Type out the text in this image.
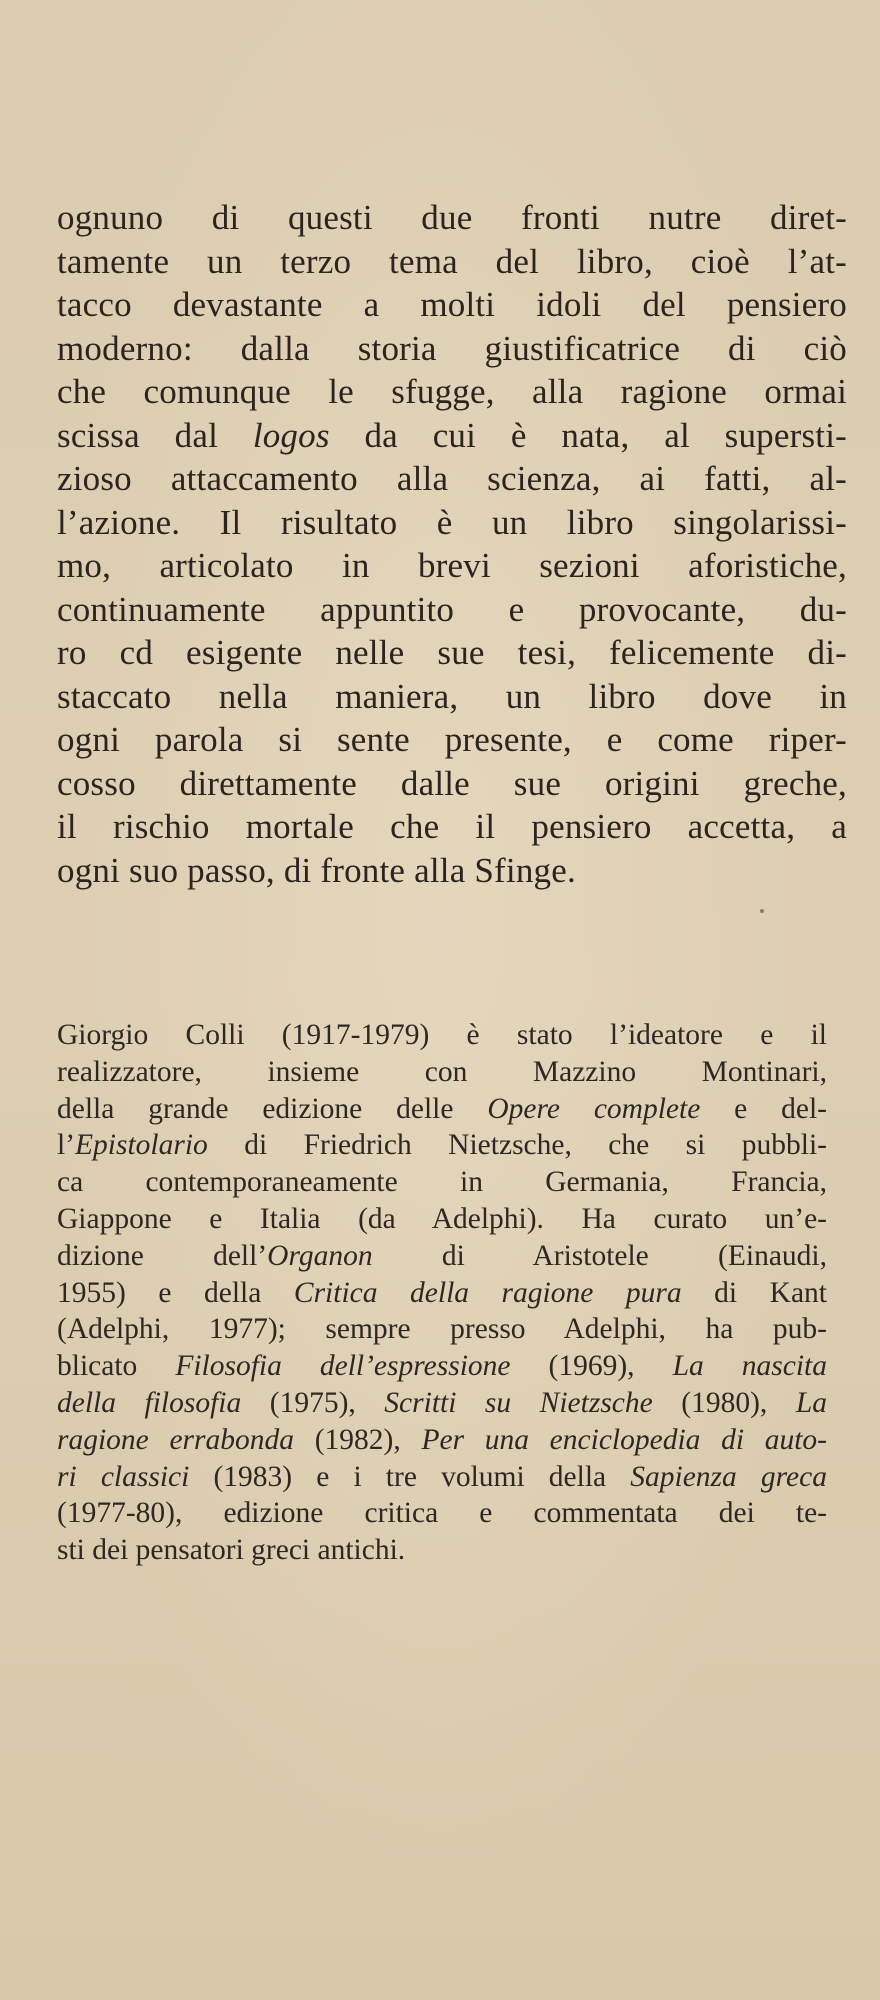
ognuno di questi due fronti nutre diret-
tamente un terzo tema del libro, cioè l’at-
tacco devastante a molti idoli del pensiero
moderno: dalla storia giustificatrice di ciò
che comunque le sfugge, alla ragione ormai
scissa dal logos da cui è nata, al supersti-
zioso attaccamento alla scienza, ai fatti, al-
l’azione. Il risultato è un libro singolarissi-
mo, articolato in brevi sezioni aforistiche,
continuamente appuntito e provocante, du-
ro cd esigente nelle sue tesi, felicemente di-
staccato nella maniera, un libro dove in
ogni parola si sente presente, e come riper-
cosso direttamente dalle sue origini greche,
il rischio mortale che il pensiero accetta, a
ogni suo passo, di fronte alla Sfinge.
Giorgio Colli (1917-1979) è stato l’ideatore e il
realizzatore, insieme con Mazzino Montinari,
della grande edizione delle Opere complete e del-
l’Epistolario di Friedrich Nietzsche, che si pubbli-
ca contemporaneamente in Germania, Francia,
Giappone e Italia (da Adelphi). Ha curato un’e-
dizione dell’Organon di Aristotele (Einaudi,
1955) e della Critica della ragione pura di Kant
(Adelphi, 1977); sempre presso Adelphi, ha pub-
blicato Filosofia dell’espressione (1969), La nascita
della filosofia (1975), Scritti su Nietzsche (1980), La
ragione errabonda (1982), Per una enciclopedia di auto-
ri classici (1983) e i tre volumi della Sapienza greca
(1977-80), edizione critica e commentata dei te-
sti dei pensatori greci antichi.
